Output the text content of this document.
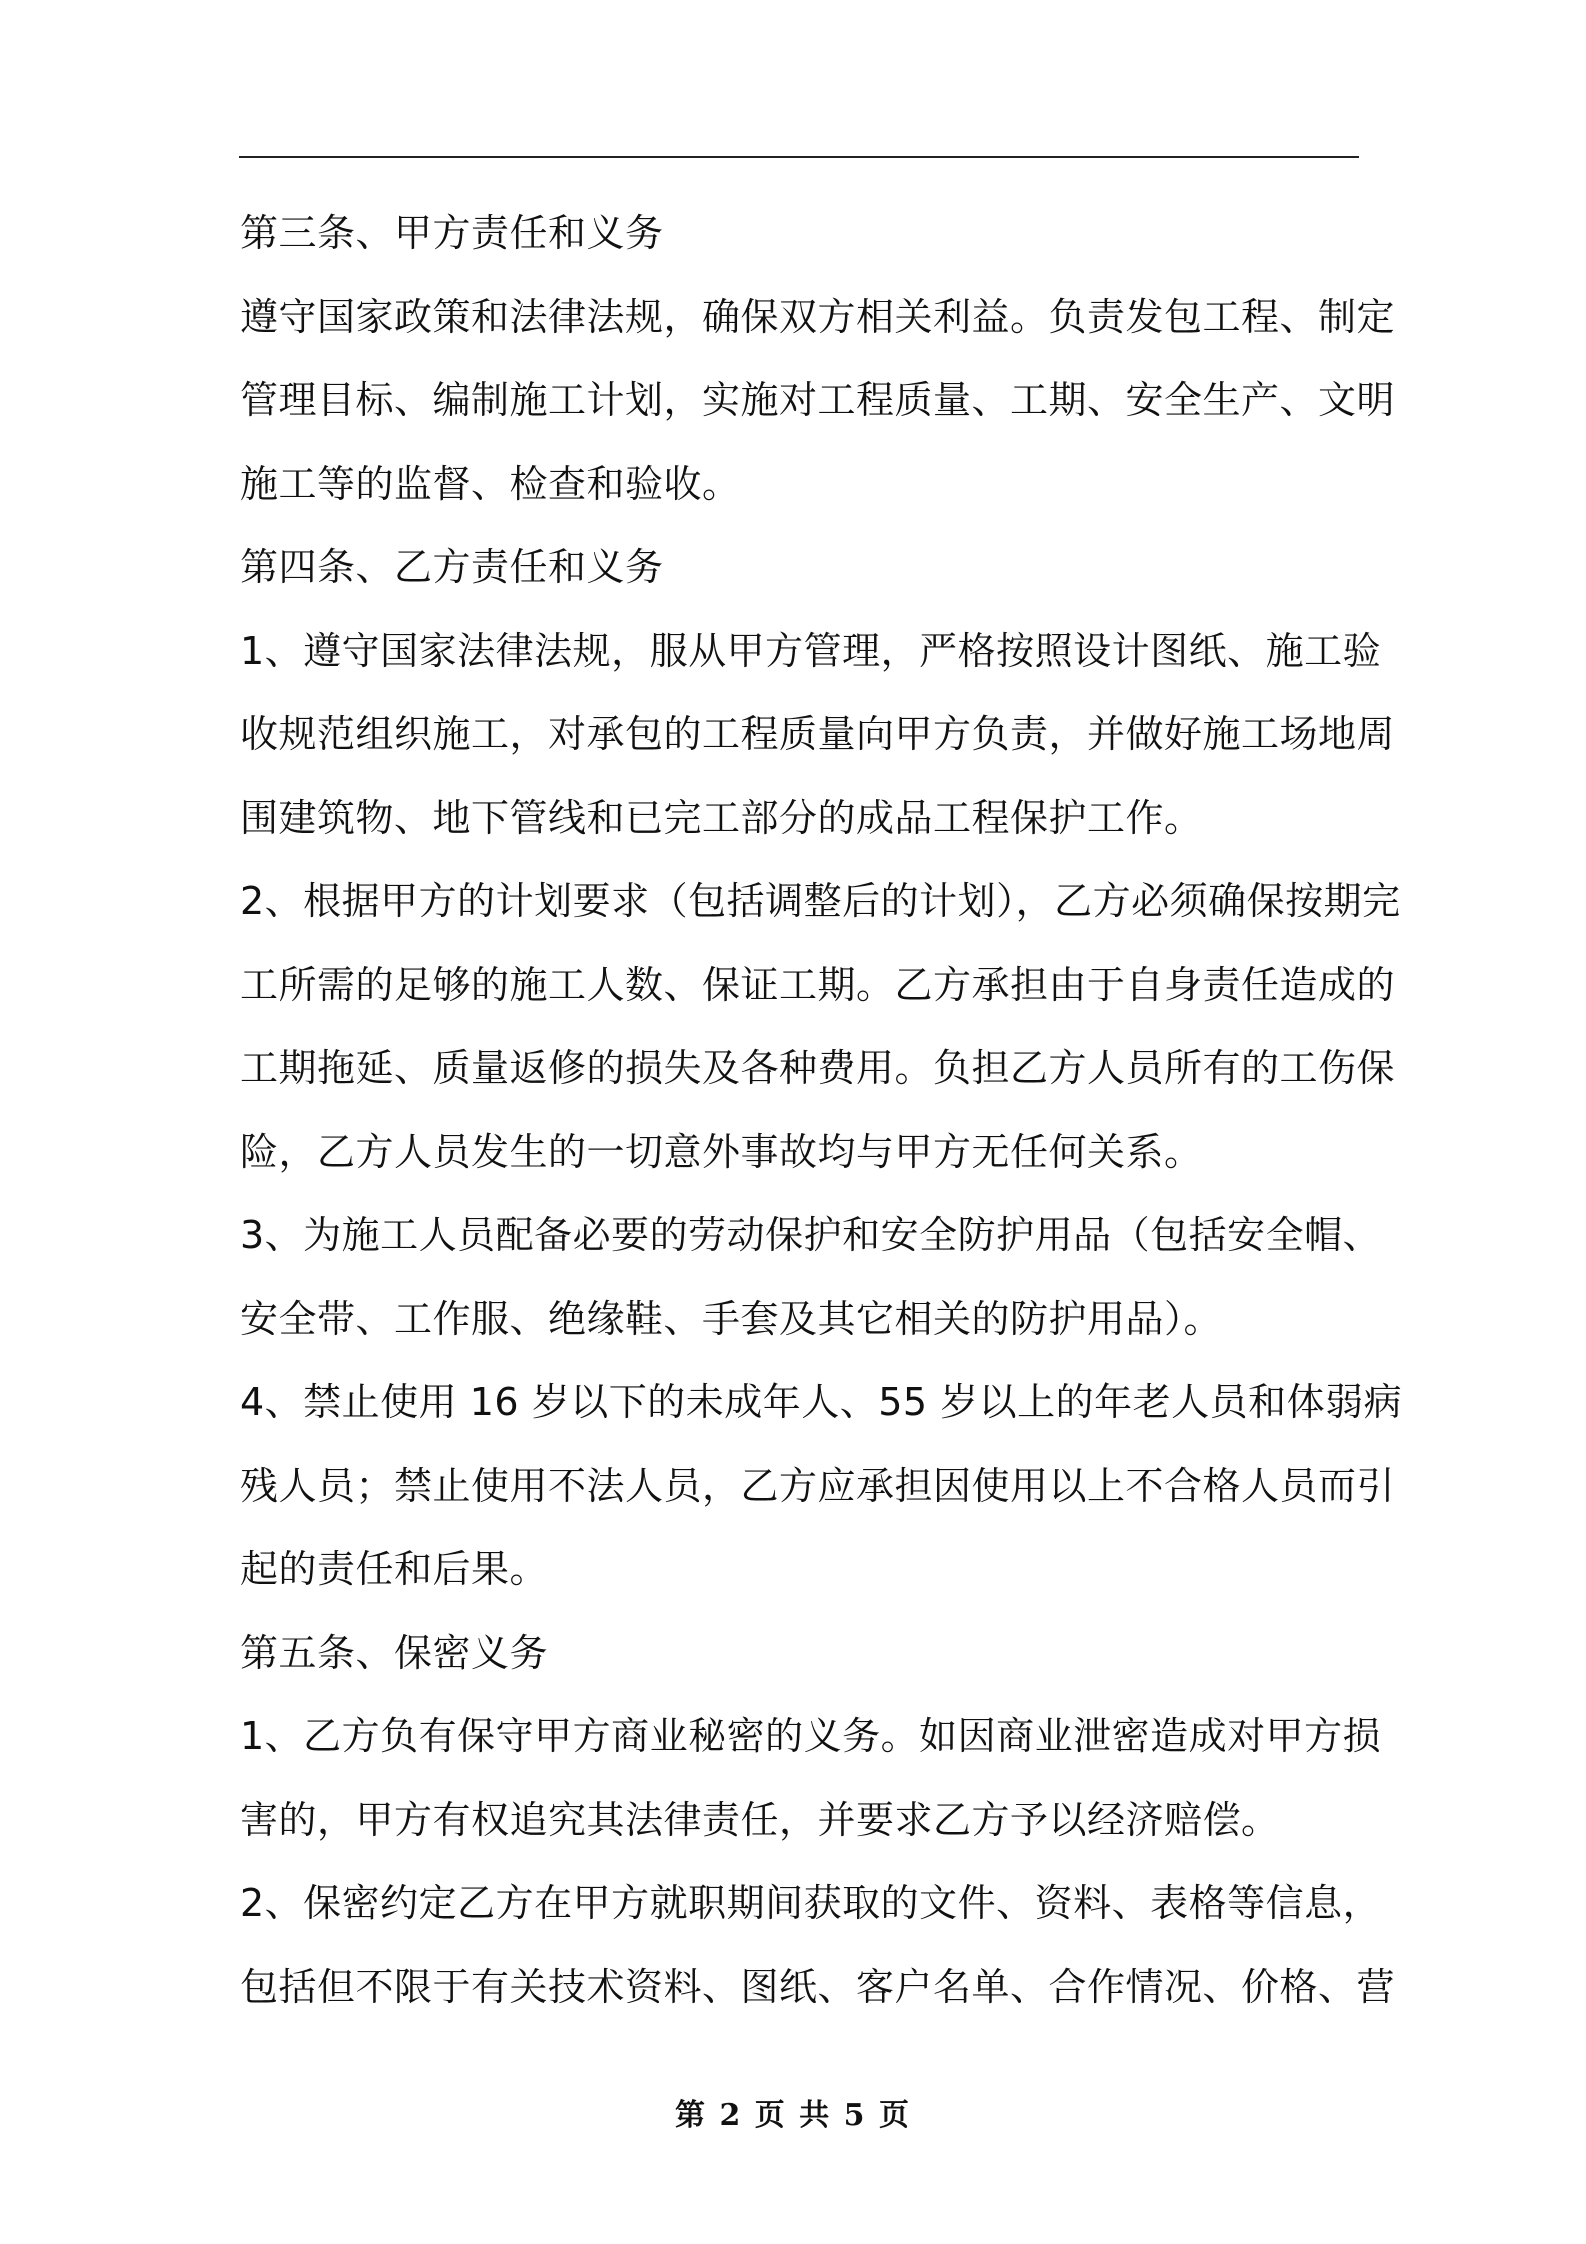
第三条、甲方责任和义务
遵守国家政策和法律法规，确保双方相关利益。负责发包工程、制定
管理目标、编制施工计划，实施对工程质量、工期、安全生产、文明
施工等的监督、检查和验收。
第四条、乙方责任和义务
1、遵守国家法律法规，服从甲方管理，严格按照设计图纸、施工验
收规范组织施工，对承包的工程质量向甲方负责，并做好施工场地周
围建筑物、地下管线和已完工部分的成品工程保护工作。
2、根据甲方的计划要求（包括调整后的计划），乙方必须确保按期完
工所需的足够的施工人数、保证工期。乙方承担由于自身责任造成的
工期拖延、质量返修的损失及各种费用。负担乙方人员所有的工伤保
险，乙方人员发生的一切意外事故均与甲方无任何关系。
3、为施工人员配备必要的劳动保护和安全防护用品（包括安全帽、
安全带、工作服、绝缘鞋、手套及其它相关的防护用品）。
4、禁止使用 16 岁以下的未成年人、55 岁以上的年老人员和体弱病
残人员；禁止使用不法人员，乙方应承担因使用以上不合格人员而引
起的责任和后果。
第五条、保密义务
1、乙方负有保守甲方商业秘密的义务。如因商业泄密造成对甲方损
害的，甲方有权追究其法律责任，并要求乙方予以经济赔偿。
2、保密约定乙方在甲方就职期间获取的文件、资料、表格等信息，
包括但不限于有关技术资料、图纸、客户名单、合作情况、价格、营
第 2 页 共 5 页
